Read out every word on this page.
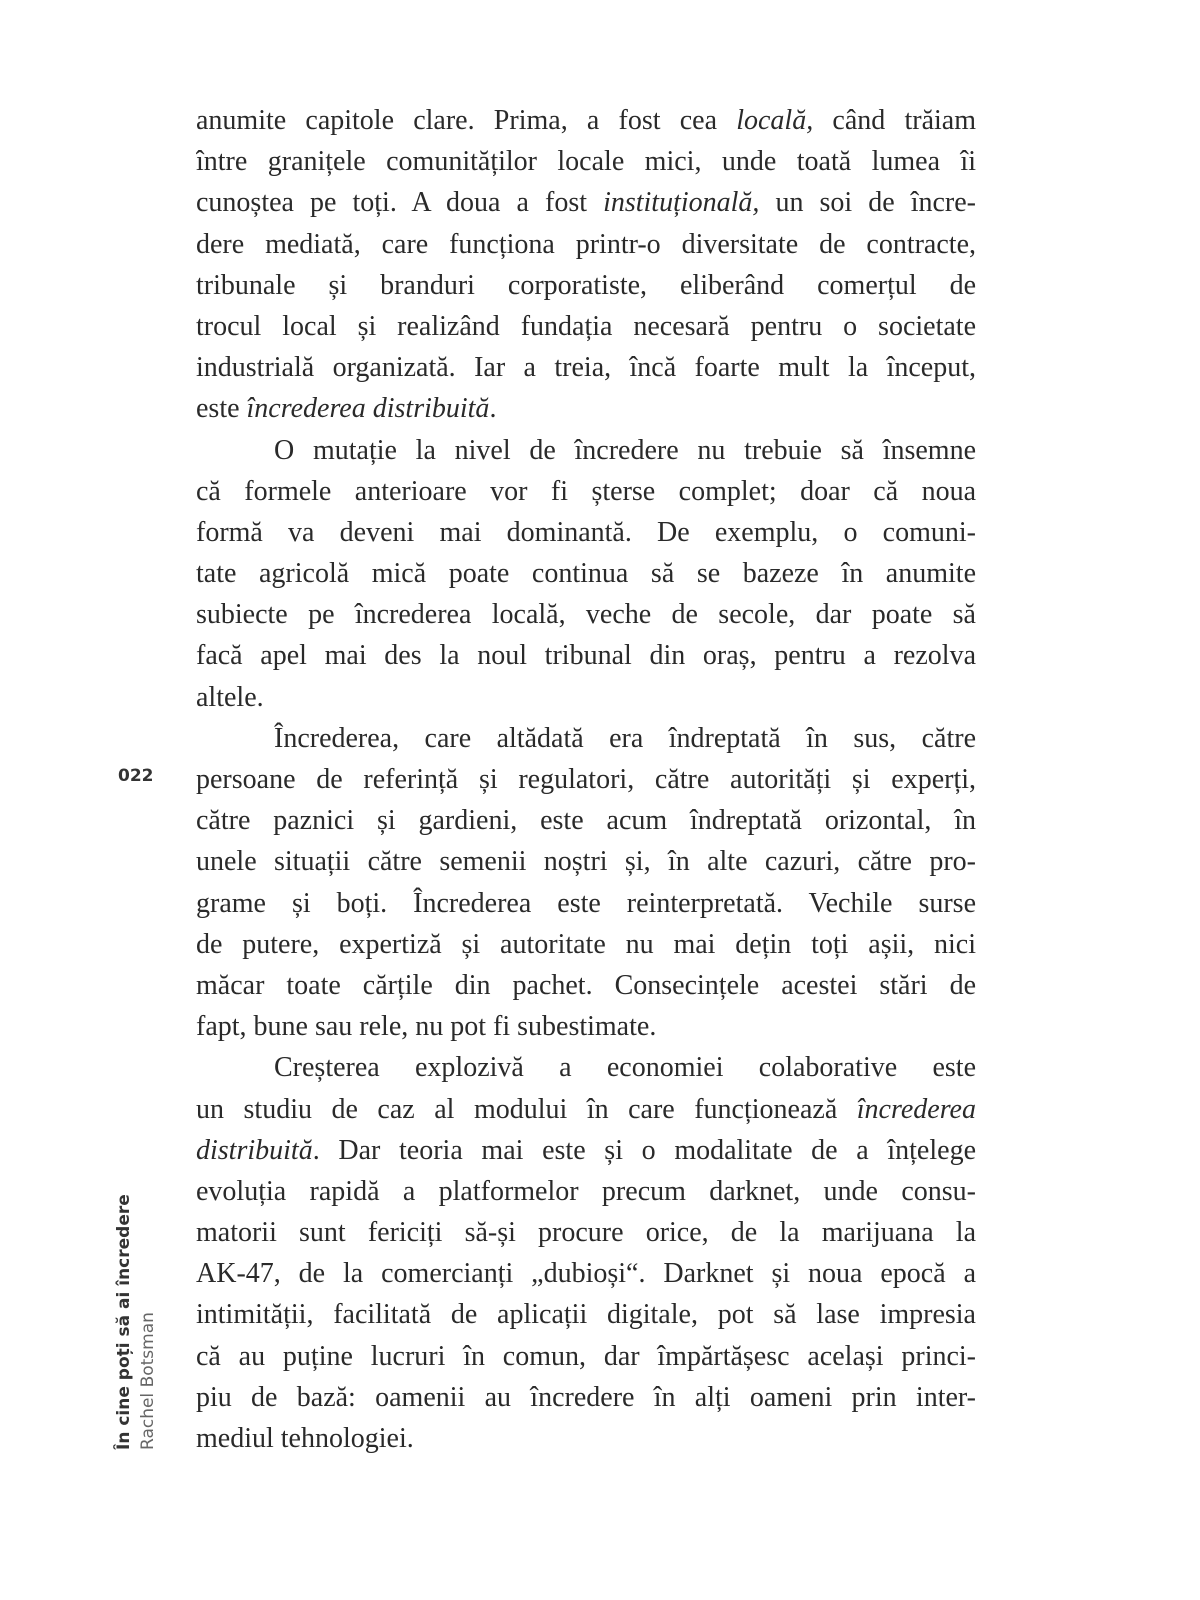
anumite capitole clare. Prima, a fost cea locală, când trăiam
între granițele comunităților locale mici, unde toată lumea îi
cunoștea pe toți. A doua a fost instituțională, un soi de încre-
dere mediată, care funcționa printr-o diversitate de contracte,
tribunale și branduri corporatiste, eliberând comerțul de
trocul local și realizând fundația necesară pentru o societate
industrială organizată. Iar a treia, încă foarte mult la început,
este încrederea distribuită.
O mutație la nivel de încredere nu trebuie să însemne
că formele anterioare vor fi șterse complet; doar că noua
formă va deveni mai dominantă. De exemplu, o comuni-
tate agricolă mică poate continua să se bazeze în anumite
subiecte pe încrederea locală, veche de secole, dar poate să
facă apel mai des la noul tribunal din oraș, pentru a rezolva
altele.
Încrederea, care altădată era îndreptată în sus, către
persoane de referință și regulatori, către autorități și experți,
către paznici și gardieni, este acum îndreptată orizontal, în
unele situații către semenii noștri și, în alte cazuri, către pro-
grame și boți. Încrederea este reinterpretată. Vechile surse
de putere, expertiză și autoritate nu mai dețin toți așii, nici
măcar toate cărțile din pachet. Consecințele acestei stări de
fapt, bune sau rele, nu pot fi subestimate.
Creșterea explozivă a economiei colaborative este
un studiu de caz al modului în care funcționează încrederea
distribuită. Dar teoria mai este și o modalitate de a înțelege
evoluția rapidă a platformelor precum darknet, unde consu-
matorii sunt fericiți să-și procure orice, de la marijuana la
AK-47, de la comercianți „dubioși“. Darknet și noua epocă a
intimității, facilitată de aplicații digitale, pot să lase impresia
că au puține lucruri în comun, dar împărtășesc același princi-
piu de bază: oamenii au încredere în alți oameni prin inter-
mediul tehnologiei.
022
În cine poți să ai încredere Rachel Botsman
